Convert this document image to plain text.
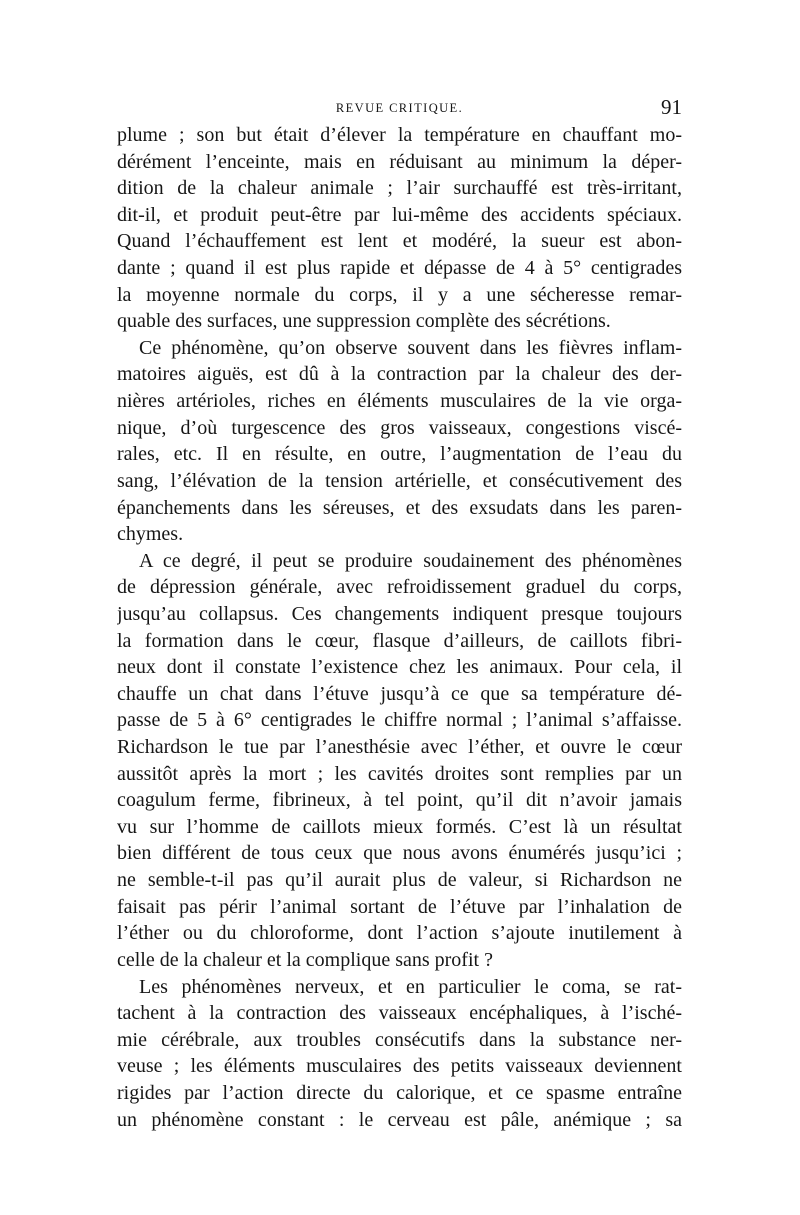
REVUE CRITIQUE.	91
plume ; son but était d’élever la température en chauffant mo-
dérément l’enceinte, mais en réduisant au minimum la déper-
dition de la chaleur animale ; l’air surchauffé est très-irritant,
dit-il, et produit peut-être par lui-même des accidents spéciaux.
Quand l’échauffement est lent et modéré, la sueur est abon-
dante ; quand il est plus rapide et dépasse de 4 à 5° centigrades
la moyenne normale du corps, il y a une sécheresse remar-
quable des surfaces, une suppression complète des sécrétions.
Ce phénomène, qu’on observe souvent dans les fièvres inflam-
matoires aiguës, est dû à la contraction par la chaleur des der-
nières artérioles, riches en éléments musculaires de la vie orga-
nique, d’où turgescence des gros vaisseaux, congestions viscé-
rales, etc. Il en résulte, en outre, l’augmentation de l’eau du
sang, l’élévation de la tension artérielle, et consécutivement des
épanchements dans les séreuses, et des exsudats dans les paren-
chymes.
A ce degré, il peut se produire soudainement des phénomènes
de dépression générale, avec refroidissement graduel du corps,
jusqu’au collapsus. Ces changements indiquent presque toujours
la formation dans le cœur, flasque d’ailleurs, de caillots fibri-
neux dont il constate l’existence chez les animaux. Pour cela, il
chauffe un chat dans l’étuve jusqu’à ce que sa température dé-
passe de 5 à 6° centigrades le chiffre normal ; l’animal s’affaisse.
Richardson le tue par l’anesthésie avec l’éther, et ouvre le cœur
aussitôt après la mort ; les cavités droites sont remplies par un
coagulum ferme, fibrineux, à tel point, qu’il dit n’avoir jamais
vu sur l’homme de caillots mieux formés. C’est là un résultat
bien différent de tous ceux que nous avons énumérés jusqu’ici ;
ne semble-t-il pas qu’il aurait plus de valeur, si Richardson ne
faisait pas périr l’animal sortant de l’étuve par l’inhalation de
l’éther ou du chloroforme, dont l’action s’ajoute inutilement à
celle de la chaleur et la complique sans profit ?
Les phénomènes nerveux, et en particulier le coma, se rat-
tachent à la contraction des vaisseaux encéphaliques, à l’isché-
mie cérébrale, aux troubles consécutifs dans la substance ner-
veuse ; les éléments musculaires des petits vaisseaux deviennent
rigides par l’action directe du calorique, et ce spasme entraîne
un phénomène constant : le cerveau est pâle, anémique ; sa
